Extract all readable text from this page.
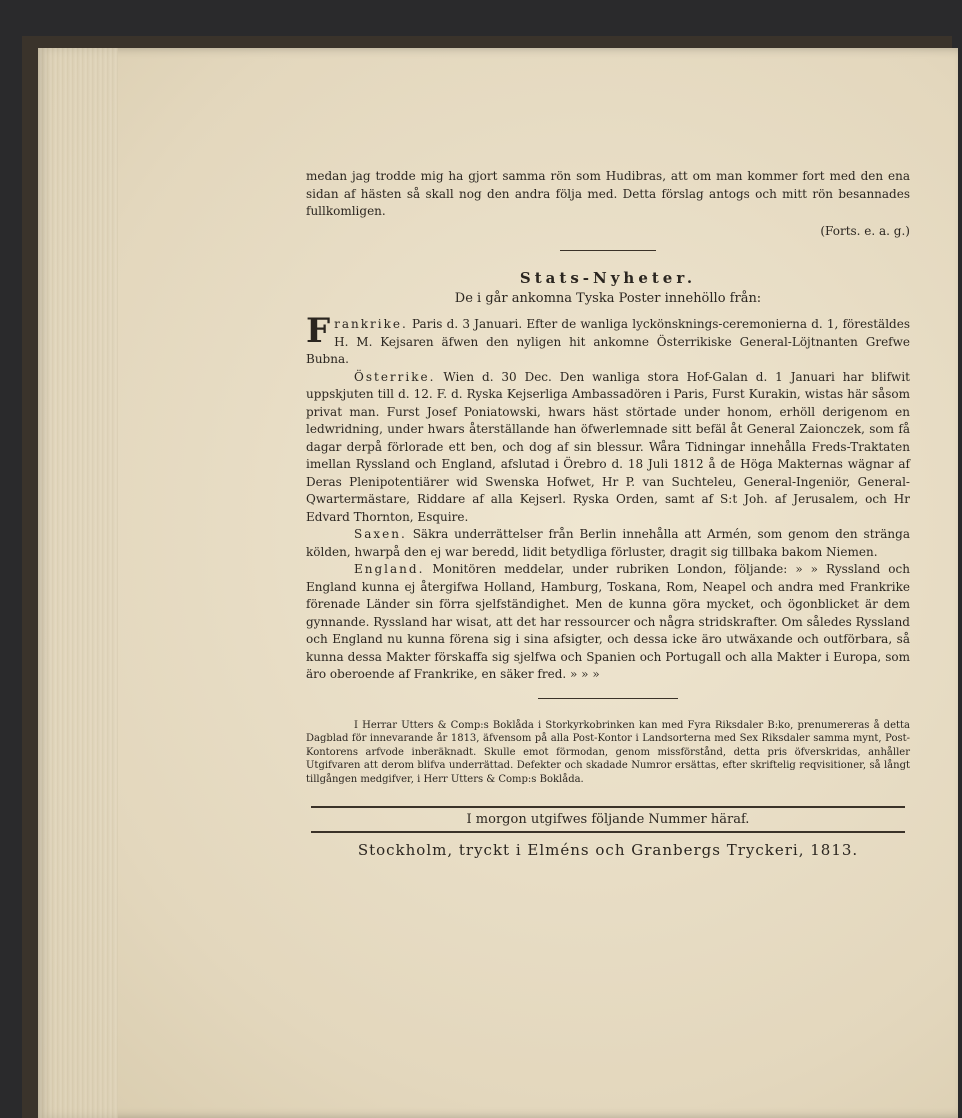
medan jag trodde mig ha gjort samma rön som Hudibras, att om man kommer fort med den ena sidan af hästen så skall nog den andra följa med. Detta förslag antogs och mitt rön besannades fullkomligen.

(Forts. e. a. g.)

Stats-Nyheter.

De i går ankomna Tyska Poster innehöllo från:

Frankrike. Paris d. 3 Januari. Efter de wanliga lyckönsknings-ceremonierna d. 1, förestäldes H. M. Kejsaren äfwen den nyligen hit ankomne Österrikiske General-Löjtnanten Grefwe Bubna.

Österrike. Wien d. 30 Dec. Den wanliga stora Hof-Galan d. 1 Januari har blifwit uppskjuten till d. 12. F. d. Ryska Kejserliga Ambassadören i Paris, Furst Kurakin, wistas här såsom privat man. Furst Josef Poniatowski, hwars häst störtade under honom, erhöll derigenom en ledwridning, under hwars återställande han öfwerlemnade sitt befäl åt General Zaionczek, som få dagar derpå förlorade ett ben, och dog af sin blessur. Wåra Tidningar innehålla Freds-Traktaten imellan Ryssland och England, afslutad i Örebro d. 18 Juli 1812 å de Höga Makternas wägnar af Deras Plenipotentiärer wid Swenska Hofwet, Hr P. van Suchteleu, General-Ingeniör, General-Qwartermästare, Riddare af alla Kejserl. Ryska Orden, samt af S:t Joh. af Jerusalem, och Hr Edvard Thornton, Esquire.

Saxen. Säkra underrättelser från Berlin innehålla att Armén, som genom den stränga kölden, hwarpå den ej war beredd, lidit betydliga förluster, dragit sig tillbaka bakom Niemen.

England. Monitören meddelar, under rubriken London, följande: » » Ryssland och England kunna ej återgifwa Holland, Hamburg, Toskana, Rom, Neapel och andra med Frankrike förenade Länder sin förra sjelfständighet. Men de kunna göra mycket, och ögonblicket är dem gynnande. Ryssland har wisat, att det har ressourcer och några stridskrafter. Om således Ryssland och England nu kunna förena sig i sina afsigter, och dessa icke äro utwäxande och outförbara, så kunna dessa Makter förskaffa sig sjelfwa och Spanien och Portugall och alla Makter i Europa, som äro oberoende af Frankrike, en säker fred. » » »

I Herrar Utters & Comp:s Boklåda i Storkyrkobrinken kan med Fyra Riksdaler B:ko, prenumereras å detta Dagblad för innevarande år 1813, äfvensom på alla Post-Kontor i Landsorterna med Sex Riksdaler samma mynt, Post-Kontorens arfvode inberäknadt. Skulle emot förmodan, genom missförstånd, detta pris öfverskridas, anhåller Utgifvaren att derom blifva underrättad. Defekter och skadade Numror ersättas, efter skriftelig reqvisitioner, så långt tillgången medgifver, i Herr Utters & Comp:s Boklåda.

I morgon utgifwes följande Nummer häraf.

Stockholm, tryckt i Elméns och Granbergs Tryckeri, 1813.
